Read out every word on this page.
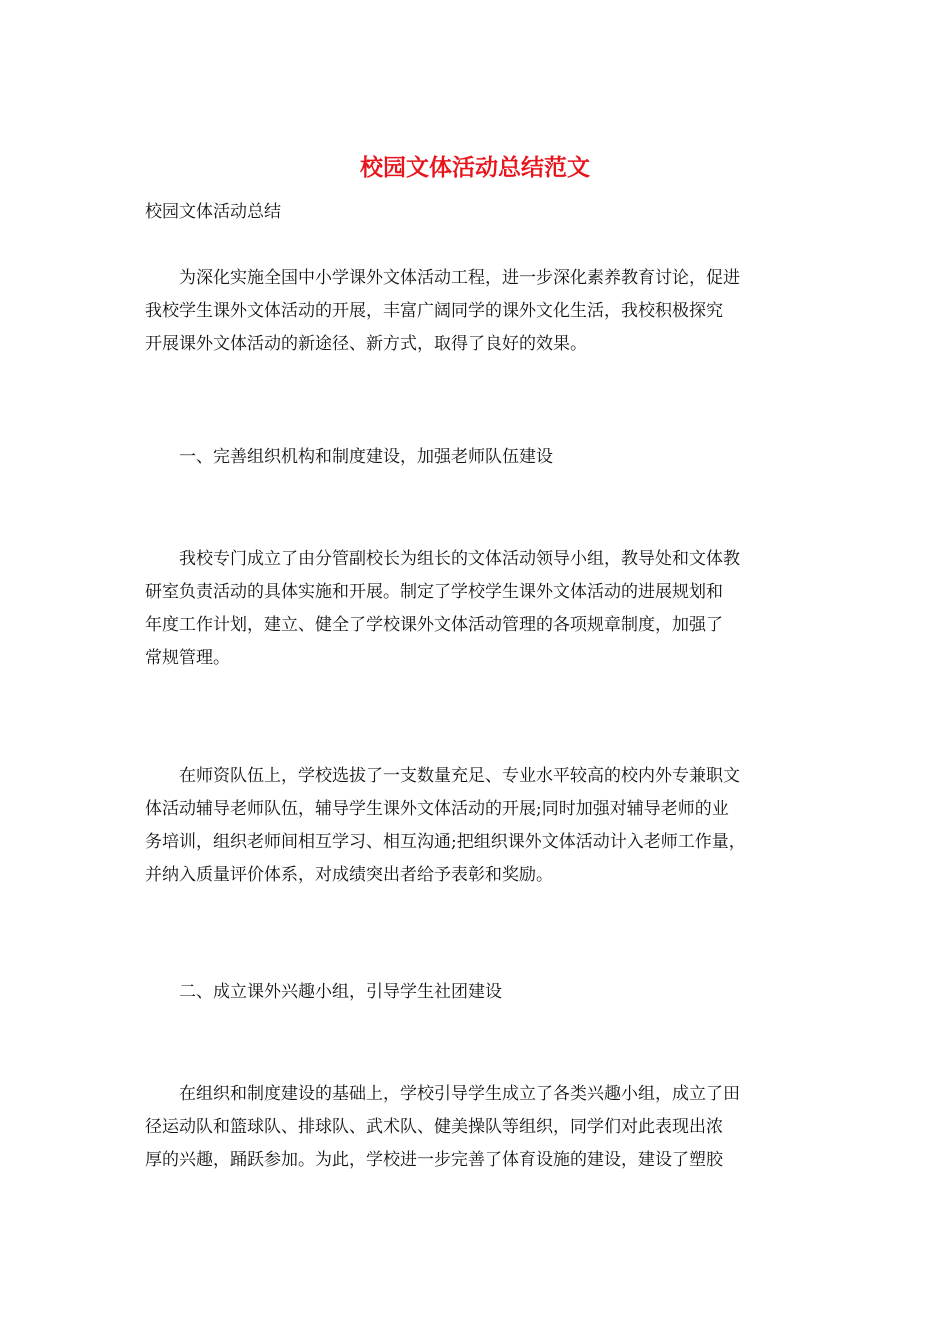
校园文体活动总结范文

校园文体活动总结

　　为深化实施全国中小学课外文体活动工程，进一步深化素养教育讨论，促进
我校学生课外文体活动的开展，丰富广阔同学的课外文化生活，我校积极探究
开展课外文体活动的新途径、新方式，取得了良好的效果。

　　一、完善组织机构和制度建设，加强老师队伍建设

　　我校专门成立了由分管副校长为组长的文体活动领导小组，教导处和文体教
研室负责活动的具体实施和开展。制定了学校学生课外文体活动的进展规划和
年度工作计划，建立、健全了学校课外文体活动管理的各项规章制度，加强了
常规管理。

　　在师资队伍上，学校选拔了一支数量充足、专业水平较高的校内外专兼职文
体活动辅导老师队伍，辅导学生课外文体活动的开展;同时加强对辅导老师的业
务培训，组织老师间相互学习、相互沟通;把组织课外文体活动计入老师工作量，
并纳入质量评价体系，对成绩突出者给予表彰和奖励。

　　二、成立课外兴趣小组，引导学生社团建设

　　在组织和制度建设的基础上，学校引导学生成立了各类兴趣小组，成立了田
径运动队和篮球队、排球队、武术队、健美操队等组织，同学们对此表现出浓
厚的兴趣，踊跃参加。为此，学校进一步完善了体育设施的建设，建设了塑胶
